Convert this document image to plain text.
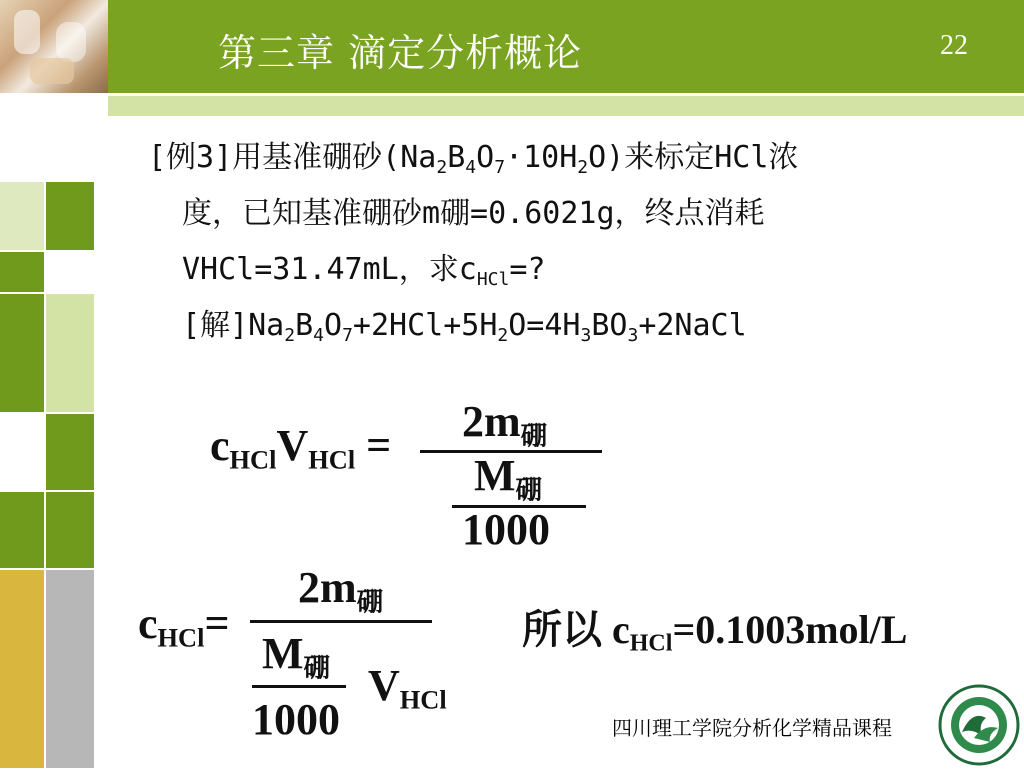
第三章 滴定分析概论	22
[例3]用基准硼砂$(Na_2B_4O_7\cdot 10H_2O)$来标定HCl浓
度，已知基准硼砂m硼=0.6021g，终点消耗
VHCl=31.47mL，求$c_{HCl}=$?
[解]$Na_2B_4O_7+2HCl+5H_2O=4H_3BO_3+2NaCl$
$c_{HCl}V_{HCl} = 2m_硼$
$M_硼$
1000
$c_{HCl}=$
$2m_硼$
$M_硼$
1000
$V_{HCl}$
所以 $c_{HCl}=0.1003mol/L$
四川理工学院分析化学精品课程
